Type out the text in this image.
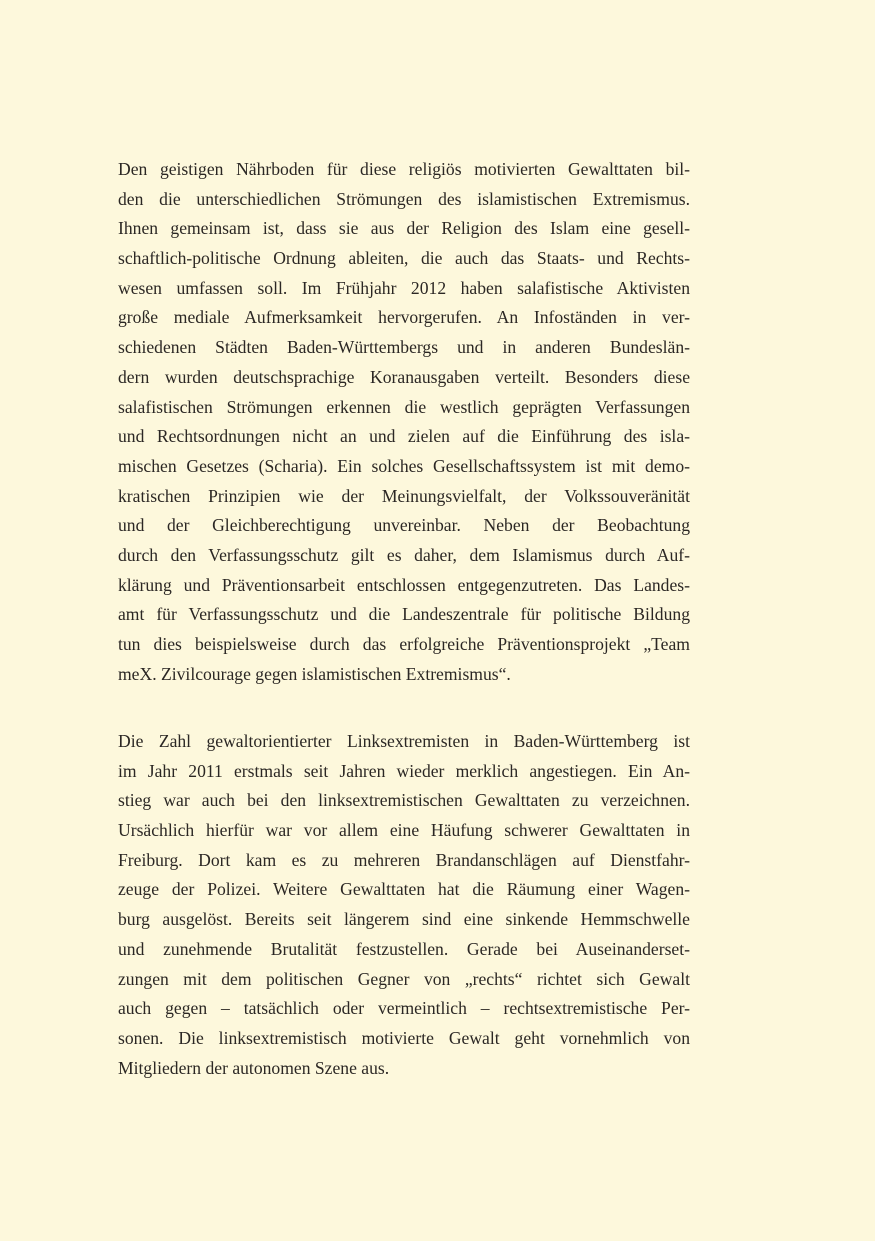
Den geistigen Nährboden für diese religiös motivierten Gewalttaten bil-
den die unterschiedlichen Strömungen des islamistischen Extremismus.
Ihnen gemeinsam ist, dass sie aus der Religion des Islam eine gesell-
schaftlich-politische Ordnung ableiten, die auch das Staats- und Rechts-
wesen umfassen soll. Im Frühjahr 2012 haben salafistische Aktivisten
große mediale Aufmerksamkeit hervorgerufen. An Infoständen in ver-
schiedenen Städten Baden-Württembergs und in anderen Bundeslän-
dern wurden deutschsprachige Koranausgaben verteilt. Besonders diese
salafistischen Strömungen erkennen die westlich geprägten Verfassungen
und Rechtsordnungen nicht an und zielen auf die Einführung des isla-
mischen Gesetzes (Scharia). Ein solches Gesellschaftssystem ist mit demo-
kratischen Prinzipien wie der Meinungsvielfalt, der Volkssouveränität
und der Gleichberechtigung unvereinbar. Neben der Beobachtung
durch den Verfassungsschutz gilt es daher, dem Islamismus durch Auf-
klärung und Präventionsarbeit entschlossen entgegenzutreten. Das Landes-
amt für Verfassungsschutz und die Landeszentrale für politische Bildung
tun dies beispielsweise durch das erfolgreiche Präventionsprojekt „Team
meX. Zivilcourage gegen islamistischen Extremismus“.

Die Zahl gewaltorientierter Linksextremisten in Baden-Württemberg ist
im Jahr 2011 erstmals seit Jahren wieder merklich angestiegen. Ein An-
stieg war auch bei den linksextremistischen Gewalttaten zu verzeichnen.
Ursächlich hierfür war vor allem eine Häufung schwerer Gewalttaten in
Freiburg. Dort kam es zu mehreren Brandanschlägen auf Dienstfahr-
zeuge der Polizei. Weitere Gewalttaten hat die Räumung einer Wagen-
burg ausgelöst. Bereits seit längerem sind eine sinkende Hemmschwelle
und zunehmende Brutalität festzustellen. Gerade bei Auseinanderset-
zungen mit dem politischen Gegner von „rechts“ richtet sich Gewalt
auch gegen – tatsächlich oder vermeintlich – rechtsextremistische Per-
sonen. Die linksextremistisch motivierte Gewalt geht vornehmlich von
Mitgliedern der autonomen Szene aus.
